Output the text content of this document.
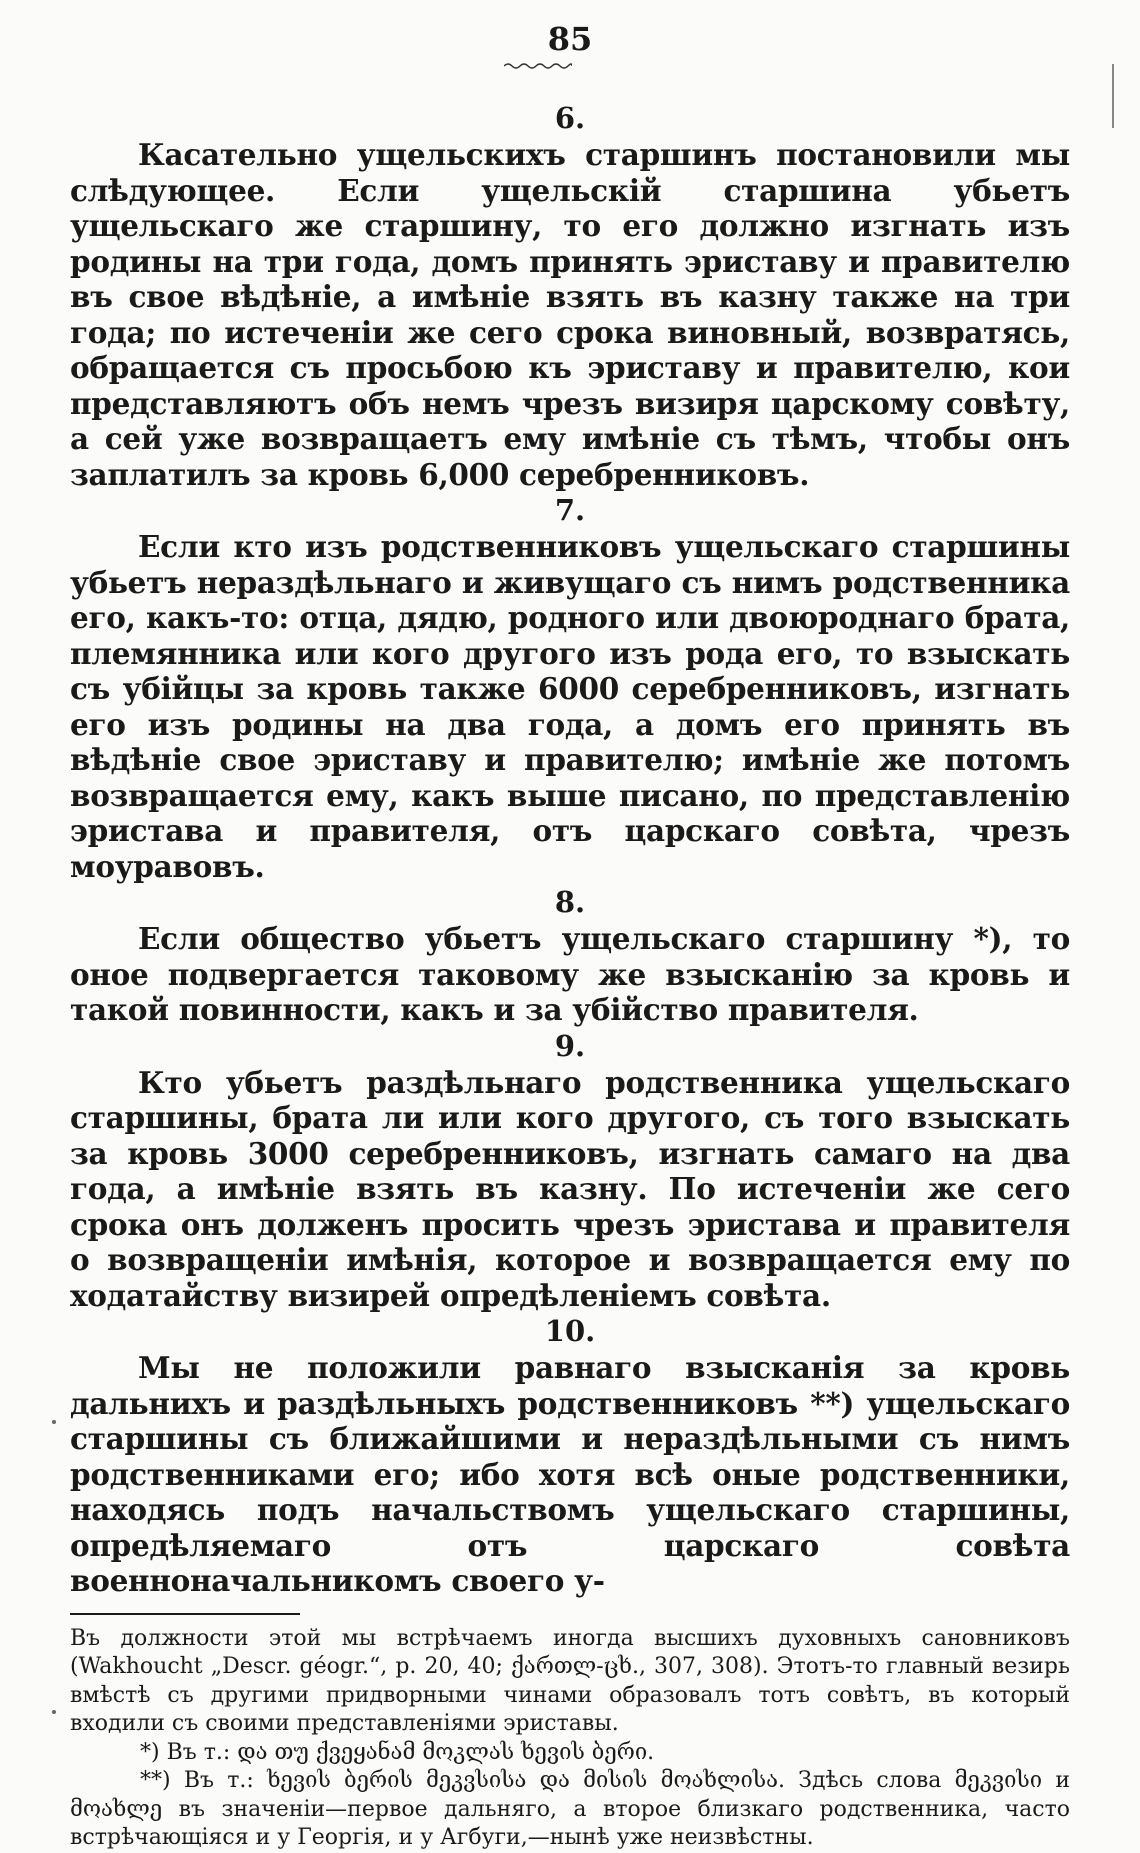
85

6.

Касательно ущельскихъ старшинъ постановили мы слѣдующее. Если ущельскій старшина убьетъ ущельскаго же старшину, то его должно изгнать изъ родины на три года, домъ принять эриставу и правителю въ свое вѣдѣніе, а имѣніе взять въ казну также на три года; по истеченіи же сего срока виновный, возвратясь, обращается съ просьбою къ эриставу и правителю, кои представляютъ объ немъ чрезъ визиря царскому совѣту, а сей уже возвращаетъ ему имѣніе съ тѣмъ, чтобы онъ заплатилъ за кровь 6,000 серебренниковъ.

7.

Если кто изъ родственниковъ ущельскаго старшины убьетъ нераздѣльнаго и живущаго съ нимъ родственника его, какъ-то: отца, дядю, родного или двоюроднаго брата, племянника или кого другого изъ рода его, то взыскать съ убійцы за кровь также 6000 серебренниковъ, изгнать его изъ родины на два года, а домъ его принять въ вѣдѣніе свое эриставу и правителю; имѣніе же потомъ возвращается ему, какъ выше писано, по представленію эристава и правителя, отъ царскаго совѣта, чрезъ моуравовъ.

8.

Если общество убьетъ ущельскаго старшину *), то оное подвергается таковому же взысканію за кровь и такой повинности, какъ и за убійство правителя.

9.

Кто убьетъ раздѣльнаго родственника ущельскаго старшины, брата ли или кого другого, съ того взыскать за кровь 3000 серебренниковъ, изгнать самаго на два года, а имѣніе взять въ казну. По истеченіи же сего срока онъ долженъ просить чрезъ эристава и правителя о возвращеніи имѣнія, которое и возвращается ему по ходатайству визирей опредѣленіемъ совѣта.

10.

Мы не положили равнаго взысканія за кровь дальнихъ и раздѣльныхъ родственниковъ **) ущельскаго старшины съ ближайшими и нераздѣльными съ нимъ родственниками его; ибо хотя всѣ оные родственники, находясь подъ начальствомъ ущельскаго старшины, опредѣляемаго отъ царскаго совѣта военноначальникомъ своего у-

Въ должности этой мы встрѣчаемъ иногда высшихъ духовныхъ сановниковъ (Wakhoucht „Descr. géogr.“, p. 20, 40; ქართლ-ცხ., 307, 308). Этотъ-то главный везирь вмѣстѣ съ другими придворными чинами образовалъ тотъ совѣтъ, въ который входили съ своими представленіями эриставы.

*) Въ т.: და თუ ქვეყანამ მოკლას ხევის ბერი.

**) Въ т.: ხევის ბერის მეკვსისა და მისის მოახლისა. Здѣсь слова მეკვისი и მოახლე въ значеніи—первое дальняго, а второе близкаго родственника, часто встрѣчающіяся и у Георгія, и у Агбуги,—нынѣ уже неизвѣстны.
